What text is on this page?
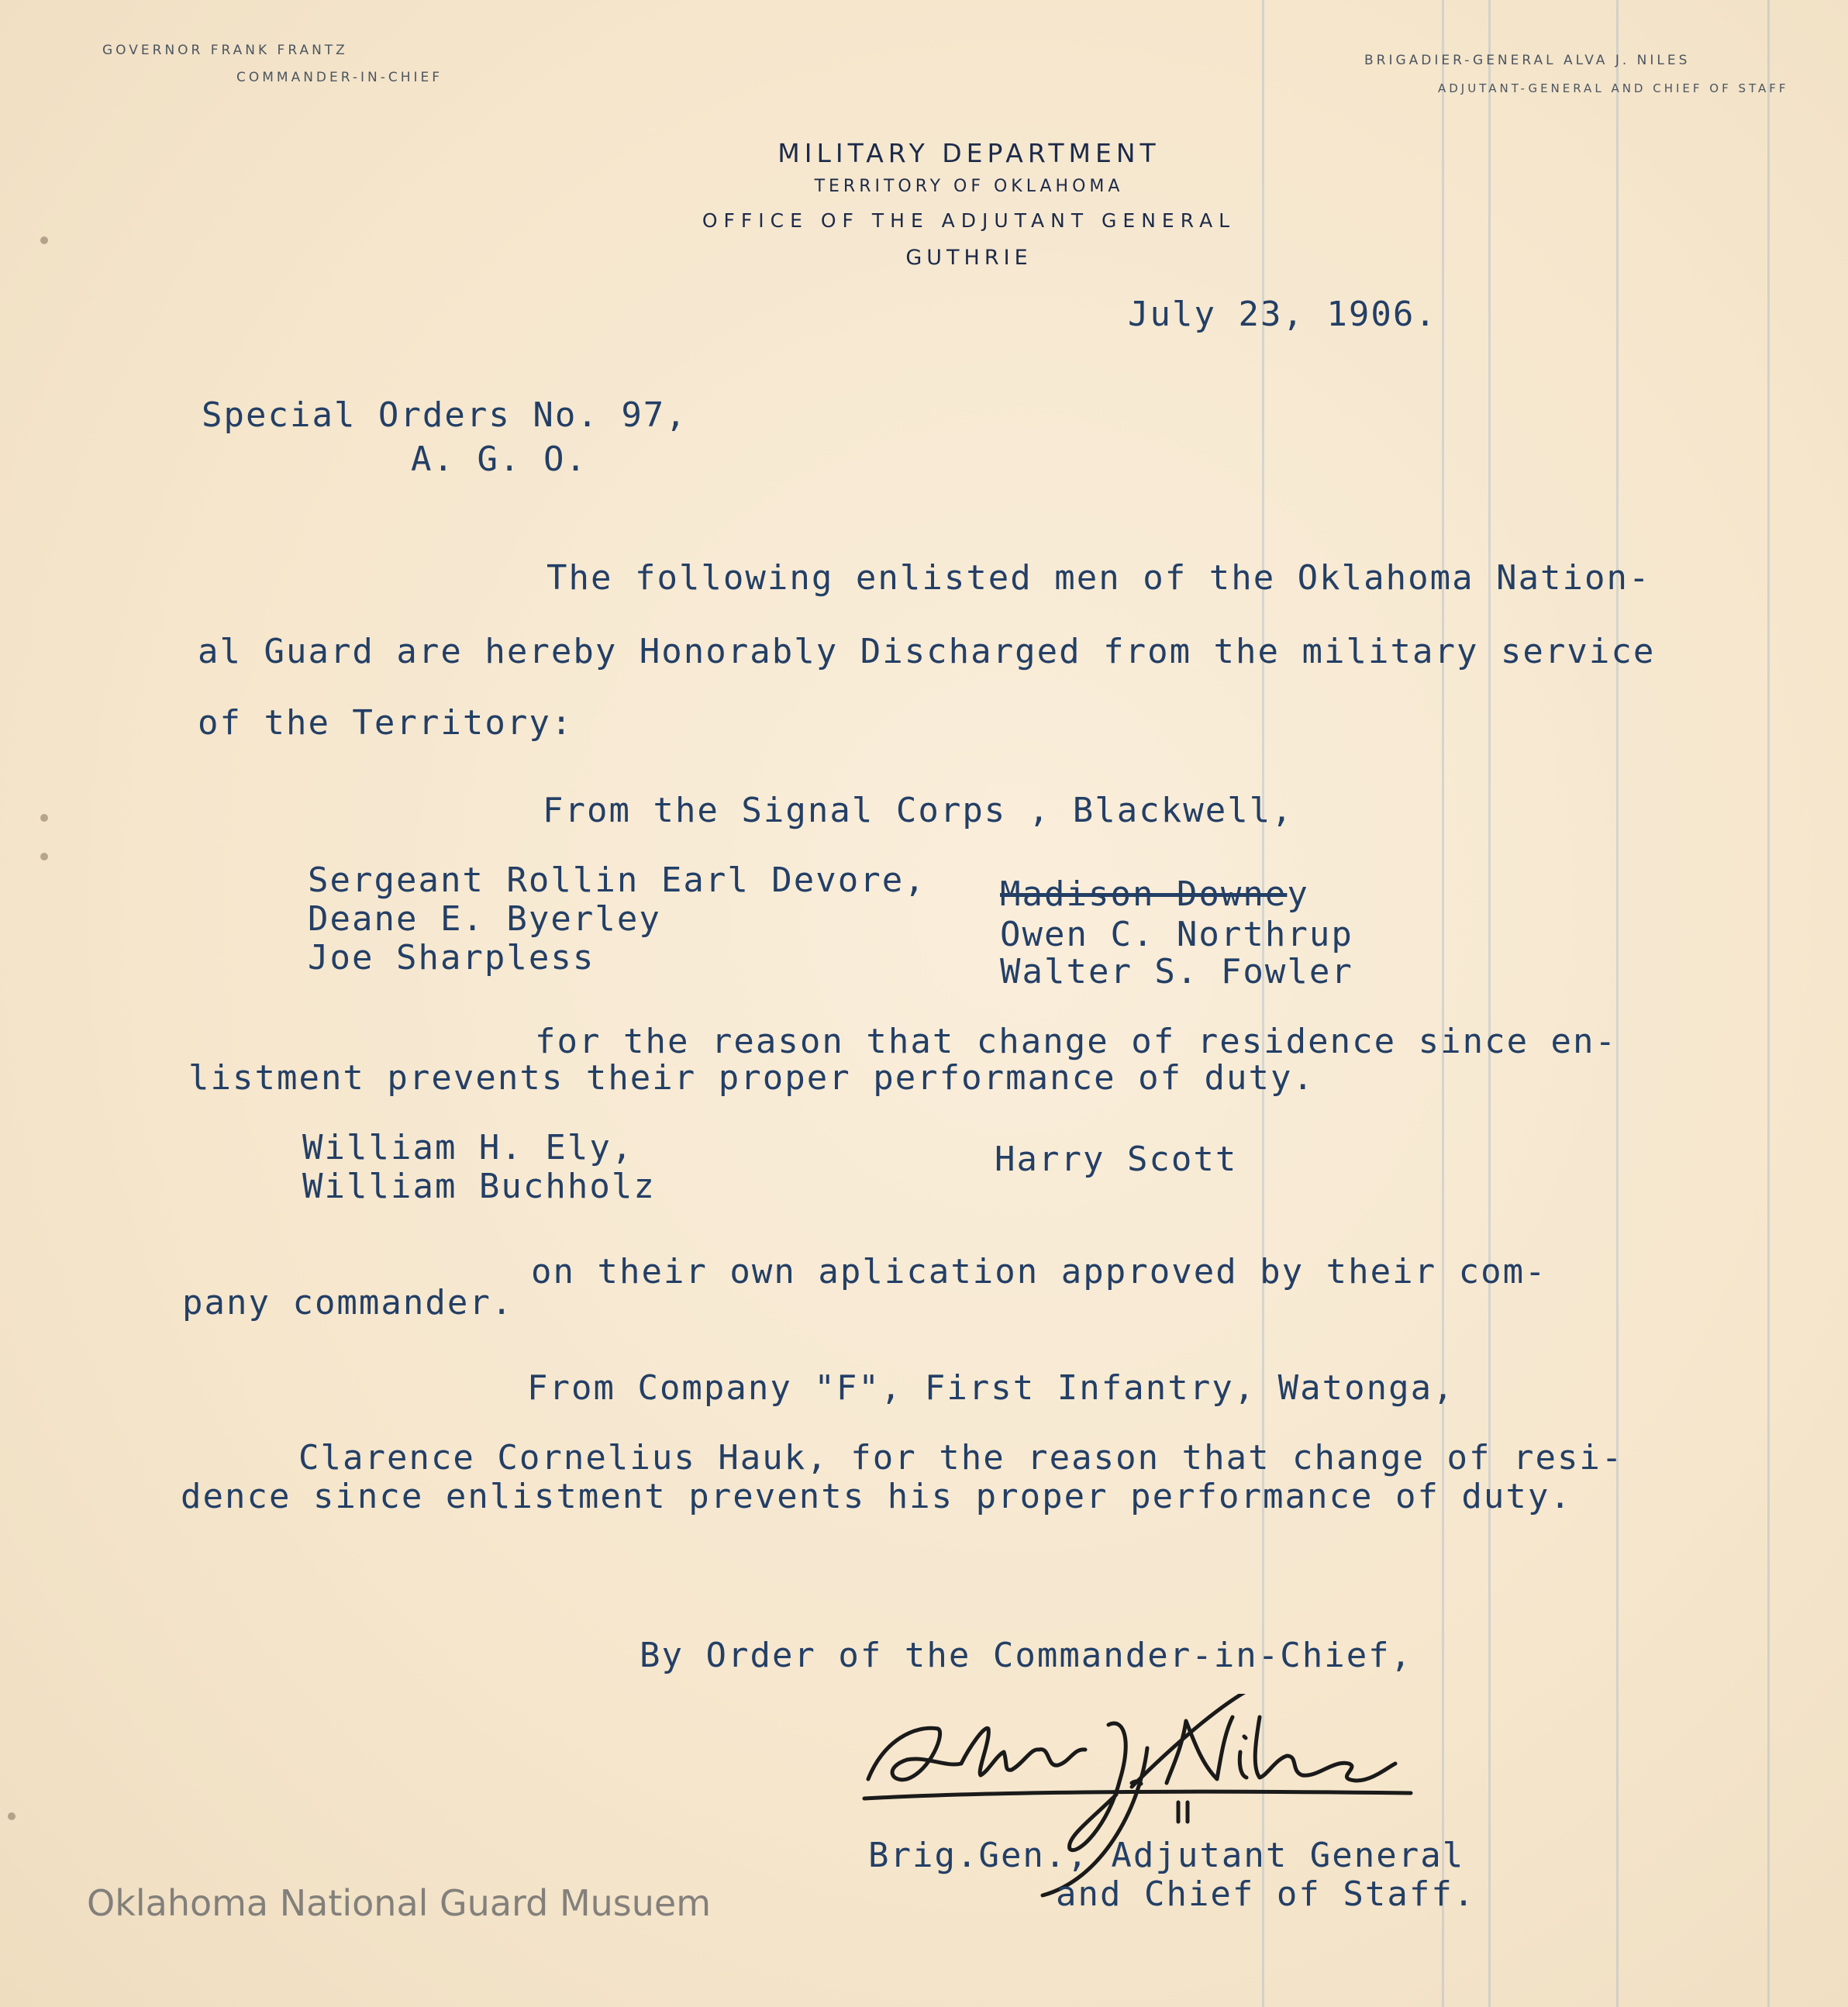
GOVERNOR FRANK FRANTZ
COMMANDER-IN-CHIEF
BRIGADIER-GENERAL ALVA J. NILES
ADJUTANT-GENERAL AND CHIEF OF STAFF
MILITARY DEPARTMENT
TERRITORY OF OKLAHOMA
OFFICE OF THE ADJUTANT GENERAL
GUTHRIE
July 23, 1906.
Special Orders No. 97,
A. G. O.
The following enlisted men of the Oklahoma Nation-
al Guard are hereby Honorably Discharged from the military service
of the Territory:
From the Signal Corps , Blackwell,
Sergeant Rollin Earl Devore,
Deane E. Byerley
Joe Sharpless
Madison Downey
Owen C. Northrup
Walter S. Fowler
for the reason that change of residence since en-
listment prevents their proper performance of duty.
William H. Ely,
William Buchholz
Harry Scott
on their own aplication approved by their com-
pany commander.
From Company "F", First Infantry, Watonga,
Clarence Cornelius Hauk, for the reason that change of resi-
dence since enlistment prevents his proper performance of duty.
By Order of the Commander-in-Chief,
Brig.Gen., Adjutant General
and Chief of Staff.
Oklahoma National Guard Musuem
